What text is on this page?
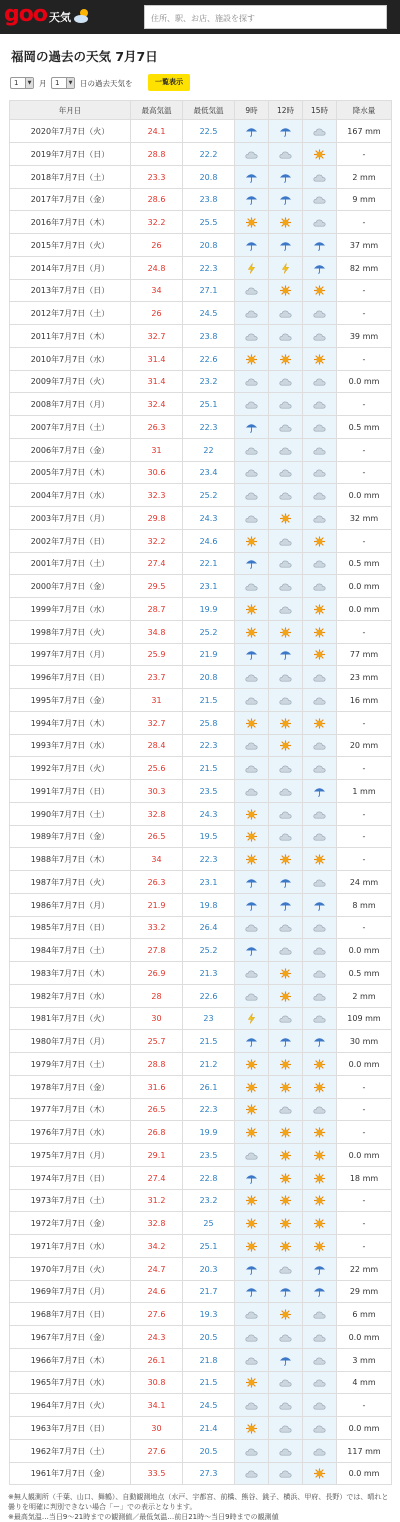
goo 天気	住所、駅、お店、施設を探す
福岡の過去の天気 7月7日
1	▼ 月	1	▼ 日の過去天気を	一覧表示
年月日	最高気温	最低気温	9時	12時	15時	降水量
2020年7月7日（火）	24.1	22.5				167 mm
2019年7月7日（日）	28.8	22.2				-
2018年7月7日（土）	23.3	20.8				2 mm
2017年7月7日（金）	28.6	23.8				9 mm
2016年7月7日（木）	32.2	25.5				-
2015年7月7日（火）	26	20.8				37 mm
2014年7月7日（月）	24.8	22.3				82 mm
2013年7月7日（日）	34	27.1				-
2012年7月7日（土）	26	24.5				-
2011年7月7日（木）	32.7	23.8				39 mm
2010年7月7日（水）	31.4	22.6				-
2009年7月7日（火）	31.4	23.2				0.0 mm
2008年7月7日（月）	32.4	25.1				-
2007年7月7日（土）	26.3	22.3				0.5 mm
2006年7月7日（金）	31	22				-
2005年7月7日（木）	30.6	23.4				-
2004年7月7日（水）	32.3	25.2				0.0 mm
2003年7月7日（月）	29.8	24.3				32 mm
2002年7月7日（日）	32.2	24.6				-
2001年7月7日（土）	27.4	22.1				0.5 mm
2000年7月7日（金）	29.5	23.1				0.0 mm
1999年7月7日（水）	28.7	19.9				0.0 mm
1998年7月7日（火）	34.8	25.2				-
1997年7月7日（月）	25.9	21.9				77 mm
1996年7月7日（日）	23.7	20.8				23 mm
1995年7月7日（金）	31	21.5				16 mm
1994年7月7日（木）	32.7	25.8				-
1993年7月7日（水）	28.4	22.3				20 mm
1992年7月7日（火）	25.6	21.5				-
1991年7月7日（日）	30.3	23.5				1 mm
1990年7月7日（土）	32.8	24.3				-
1989年7月7日（金）	26.5	19.5				-
1988年7月7日（木）	34	22.3				-
1987年7月7日（火）	26.3	23.1				24 mm
1986年7月7日（月）	21.9	19.8				8 mm
1985年7月7日（日）	33.2	26.4				-
1984年7月7日（土）	27.8	25.2				0.0 mm
1983年7月7日（木）	26.9	21.3				0.5 mm
1982年7月7日（水）	28	22.6				2 mm
1981年7月7日（火）	30	23				109 mm
1980年7月7日（月）	25.7	21.5				30 mm
1979年7月7日（土）	28.8	21.2				0.0 mm
1978年7月7日（金）	31.6	26.1				-
1977年7月7日（木）	26.5	22.3				-
1976年7月7日（水）	26.8	19.9				-
1975年7月7日（月）	29.1	23.5				0.0 mm
1974年7月7日（日）	27.4	22.8				18 mm
1973年7月7日（土）	31.2	23.2				-
1972年7月7日（金）	32.8	25				-
1971年7月7日（水）	34.2	25.1				-
1970年7月7日（火）	24.7	20.3				22 mm
1969年7月7日（月）	24.6	21.7				29 mm
1968年7月7日（日）	27.6	19.3				6 mm
1967年7月7日（金）	24.3	20.5				0.0 mm
1966年7月7日（木）	26.1	21.8				3 mm
1965年7月7日（水）	30.8	21.5				4 mm
1964年7月7日（火）	34.1	24.5				-
1963年7月7日（日）	30	21.4				0.0 mm
1962年7月7日（土）	27.6	20.5				117 mm
1961年7月7日（金）	33.5	27.3				0.0 mm
※無人観測所（千葉、山口、舞鶴）、自動観測地点（水戸、宇都宮、前橋、熊谷、銚子、横浜、甲府、長野）では、晴れと曇りを明確に判別できない場合「ー」での表示となります。
※最高気温…当日9〜21時までの観測値／最低気温…前日21時〜当日9時までの観測値
